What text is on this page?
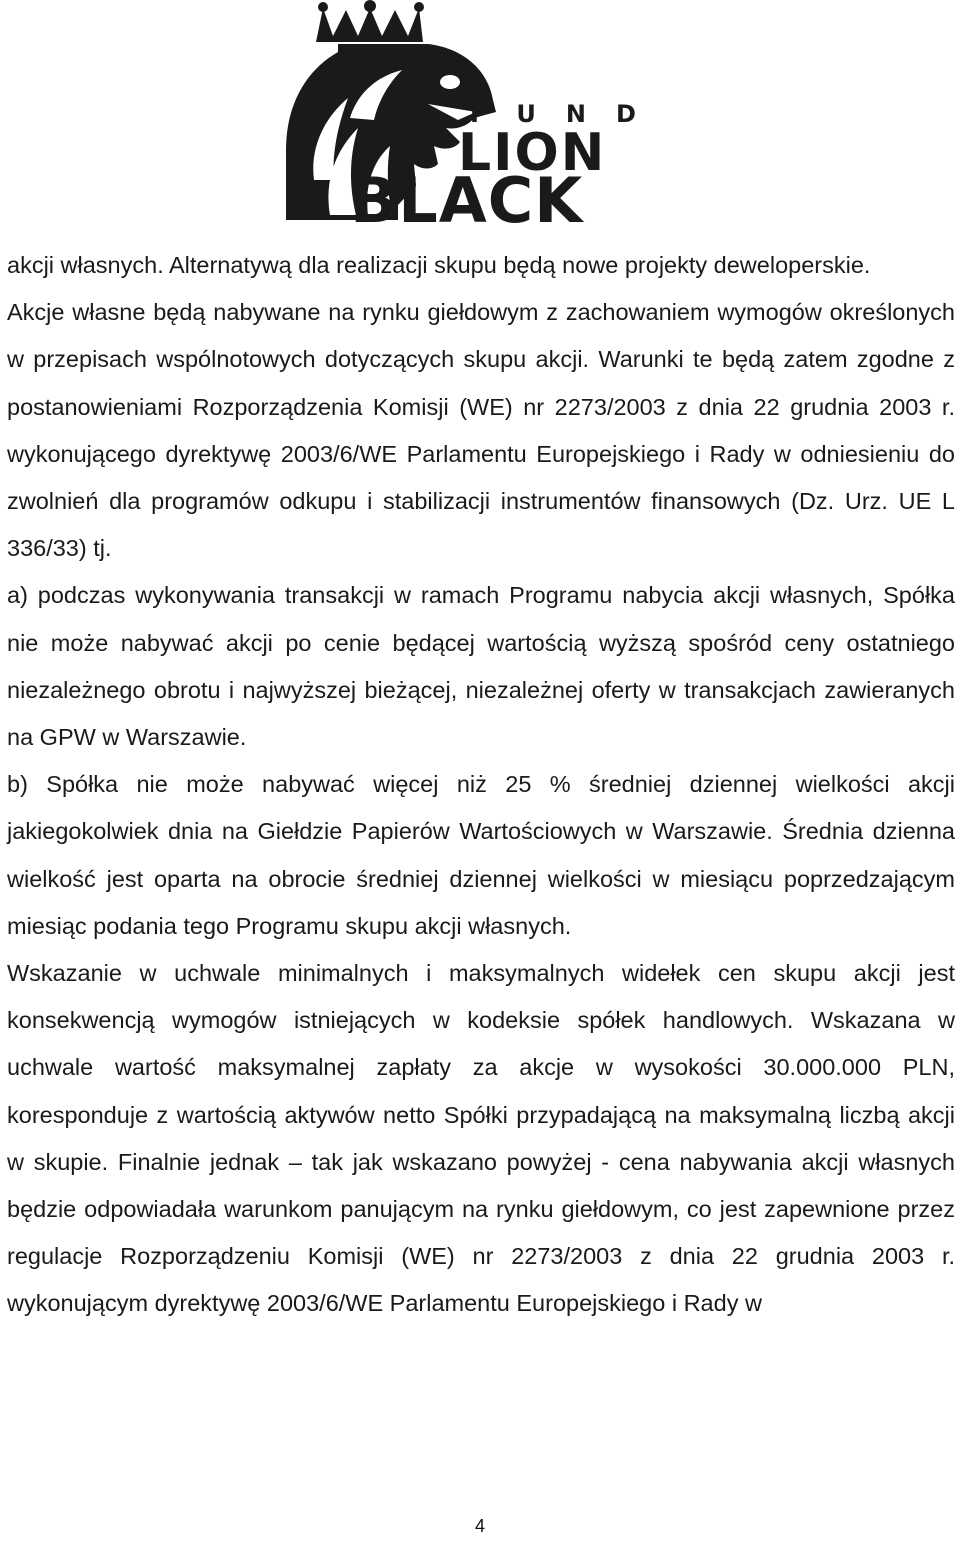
FUND
LION
BLACK

akcji własnych. Alternatywą dla realizacji skupu będą nowe projekty deweloperskie.

Akcje własne będą nabywane na rynku giełdowym z zachowaniem wymogów określonych w przepisach wspólnotowych dotyczących skupu akcji. Warunki te będą zatem zgodne z postanowieniami Rozporządzenia Komisji (WE) nr 2273/2003 z dnia 22 grudnia 2003 r. wykonującego dyrektywę 2003/6/WE Parlamentu Europejskiego i Rady w odniesieniu do zwolnień dla programów odkupu i stabilizacji instrumentów finansowych (Dz. Urz. UE L 336/33) tj.

a) podczas wykonywania transakcji w ramach Programu nabycia akcji własnych, Spółka nie może nabywać akcji po cenie będącej wartością wyższą spośród ceny ostatniego niezależnego obrotu i najwyższej bieżącej, niezależnej oferty w transakcjach zawieranych na GPW w Warszawie.

b) Spółka nie może nabywać więcej niż 25 % średniej dziennej wielkości akcji jakiegokolwiek dnia na Giełdzie Papierów Wartościowych w Warszawie. Średnia dzienna wielkość jest oparta na obrocie średniej dziennej wielkości w miesiącu poprzedzającym miesiąc podania tego Programu skupu akcji własnych.

Wskazanie w uchwale minimalnych i maksymalnych widełek cen skupu akcji jest konsekwencją wymogów istniejących w kodeksie spółek handlowych. Wskazana w uchwale wartość maksymalnej zapłaty za akcje w wysokości 30.000.000 PLN, koresponduje z wartością aktywów netto Spółki przypadającą na maksymalną liczbą akcji w skupie. Finalnie jednak – tak jak wskazano powyżej - cena nabywania akcji własnych będzie odpowiadała warunkom panującym na rynku giełdowym, co jest zapewnione przez regulacje Rozporządzeniu Komisji (WE) nr 2273/2003 z dnia 22 grudnia 2003 r. wykonującym dyrektywę 2003/6/WE Parlamentu Europejskiego i Rady w

4
